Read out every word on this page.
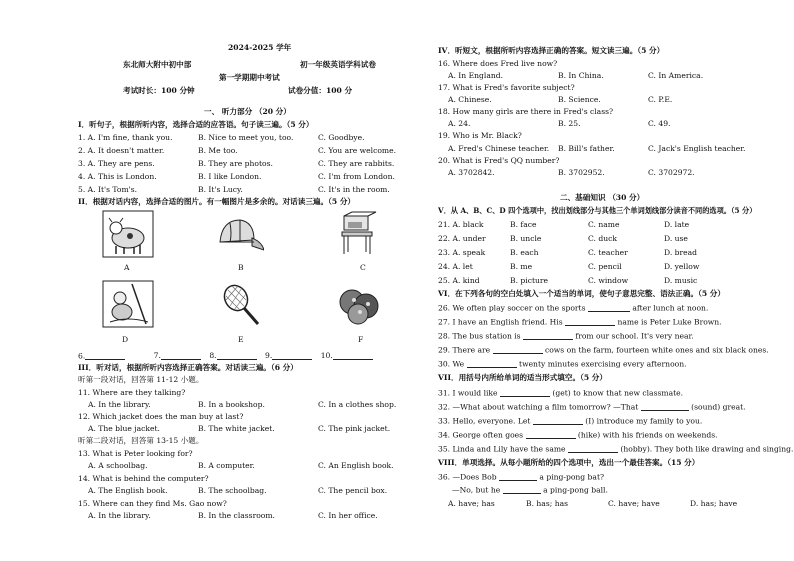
2024-2025 学年
东北师大附中初中部	初一年级英语学科试卷
第一学期期中考试
考试时长：100 分钟	试卷分值：100 分
一、 听力部分 （20 分）
I．听句子，根据所听内容，选择合适的应答语。句子读三遍。（5 分）
1. A. I'm fine, thank you.	B. Nice to meet you, too.	C. Goodbye.
2. A. It doesn't matter.	B. Me too.	C. You are welcome.
3. A. They are pens.	B. They are photos.	C. They are rabbits.
4. A. This is London.	B. I like London.	C. I'm from London.
5. A. It's Tom's.	B. It's Lucy.	C. It's in the room.
II．根据对话内容，选择合适的图片。有一幅图片是多余的。对话读三遍。（5 分）
A	B	C
D	E	F
6.	7.	8.	9.	10.
III．听对话，根据所听内容选择正确答案。对话读三遍。（6 分）
听第一段对话，回答第 11-12 小题。
11. Where are they talking?
A. In the library.	B. In a bookshop.	C. In a clothes shop.
12. Which jacket does the man buy at last?
A. The blue jacket.	B. The white jacket.	C. The pink jacket.
听第二段对话，回答第 13-15 小题。
13. What is Peter looking for?
A. A schoolbag.	B. A computer.	C. An English book.
14. What is behind the computer?
A. The English book.	B. The schoolbag.	C. The pencil box.
15. Where can they find Ms. Gao now?
A. In the library.	B. In the classroom.	C. In her office.
IV．听短文，根据所听内容选择正确的答案。短文读三遍。（5 分）
16. Where does Fred live now?
A. In England.	B. In China.	C. In America.
17. What is Fred's favorite subject?
A. Chinese.	B. Science.	C. P.E.
18. How many girls are there in Fred's class?
A. 24.	B. 25.	C. 49.
19. Who is Mr. Black?
A. Fred's Chinese teacher. B. Bill's father.	C. Jack's English teacher.
20. What is Fred's QQ number?
A. 3702842.	B. 3702952.	C. 3702972.
二、基础知识 （30 分）
V．从 A、B、C、D 四个选项中，找出划线部分与其他三个单词划线部分读音不同的选项。（5 分）
21. A. black	B. face	C. name	D. late
22. A. under	B. uncle	C. duck	D. use
23. A. speak	B. each	C. teacher	D. bread
24. A. let	B. me	C. pencil	D. yellow
25. A. kind	B. picture	C. window	D. music
VI．在下列各句的空白处填入一个适当的单词，使句子意思完整、语法正确。（5 分）
26. We often play soccer on the sports	after lunch at noon.
27. I have an English friend. His	name is Peter Luke Brown.
28. The bus station is	from our school. It's very near.
29. There are	cows on the farm, fourteen white ones and six black ones.
30. We	twenty minutes exercising every afternoon.
VII．用括号内所给单词的适当形式填空。（5 分）
31. I would like	(get) to know that new classmate.
32. —What about watching a film tomorrow? —That	(sound) great.
33. Hello, everyone. Let	(I) introduce my family to you.
34. George often goes	(hike) with his friends on weekends.
35. Linda and Lily have the same	(hobby). They both like drawing and singing.
VIII．单项选择。从每小题所给的四个选项中，选出一个最佳答案。（15 分）
36. —Does Bob	a ping-pong bat?
—No, but he	a ping-pong ball.
A. have; has	B. has; has	C. have; have	D. has; have
